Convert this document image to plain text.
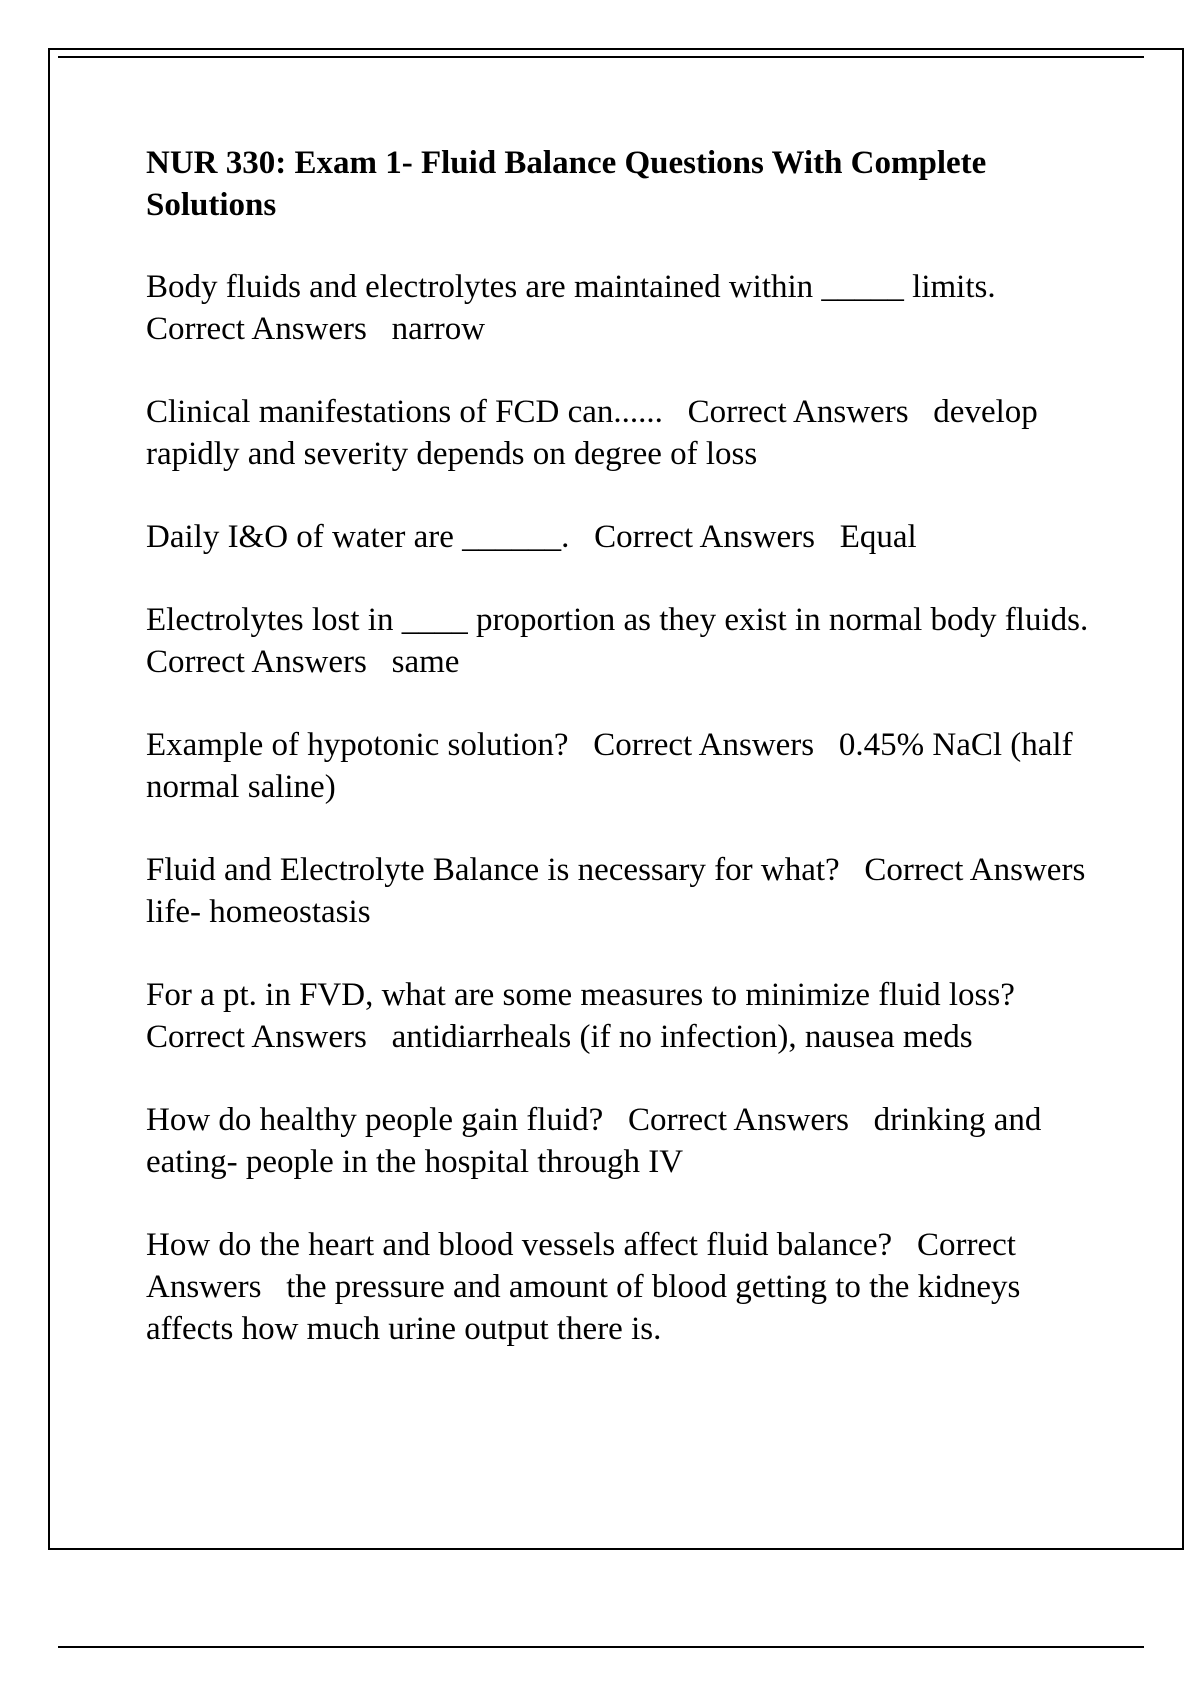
NUR 330: Exam 1- Fluid Balance Questions With Complete Solutions
Body fluids and electrolytes are maintained within _____ limits.   Correct Answers   narrow
Clinical manifestations of FCD can......   Correct Answers   develop rapidly and severity depends on degree of loss
Daily I&O of water are ______.   Correct Answers   Equal
Electrolytes lost in ____ proportion as they exist in normal body fluids.   Correct Answers   same
Example of hypotonic solution?   Correct Answers   0.45% NaCl (half normal saline)
Fluid and Electrolyte Balance is necessary for what?   Correct Answers   life- homeostasis
For a pt. in FVD, what are some measures to minimize fluid loss?   Correct Answers   antidiarrheals (if no infection), nausea meds
How do healthy people gain fluid?   Correct Answers   drinking and eating- people in the hospital through IV
How do the heart and blood vessels affect fluid balance?   Correct Answers   the pressure and amount of blood getting to the kidneys affects how much urine output there is.
